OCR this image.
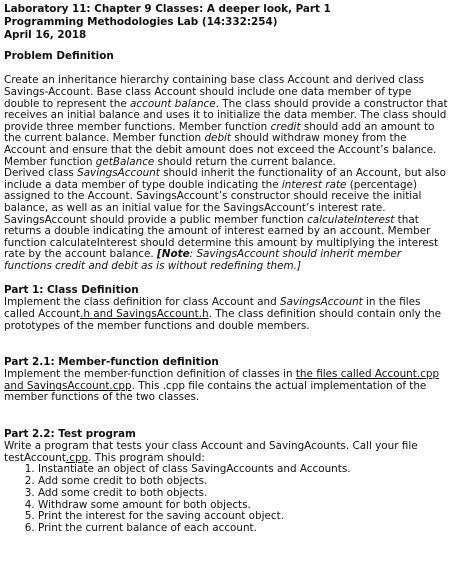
Laboratory 11: Chapter 9 Classes: A deeper look, Part 1
Programming Methodologies Lab (14:332:254)
April 16, 2018
Problem Definition

Create an inheritance hierarchy containing base class Account and derived class Savings-Account. Base class Account should include one data member of type double to represent the account balance. The class should provide a constructor that receives an initial balance and uses it to initialize the data member. The class should provide three member functions. Member function credit should add an amount to the current balance. Member function debit should withdraw money from the Account and ensure that the debit amount does not exceed the Account’s balance. Member function getBalance should return the current balance.

Derived class SavingsAccount should inherit the functionality of an Account, but also include a data member of type double indicating the interest rate (percentage) assigned to the Account. SavingsAccount’s constructor should receive the initial balance, as well as an initial value for the SavingsAccount’s interest rate. SavingsAccount should provide a public member function calculateInterest that returns a double indicating the amount of interest earned by an account. Member function calculateInterest should determine this amount by multiplying the interest rate by the account balance. [Note: SavingsAccount should inherit member functions credit and debit as is without redefining them.]

Part 1: Class Definition

Implement the class definition for class Account and SavingsAccount in the files called Account.h and SavingsAccount.h. The class definition should contain only the prototypes of the member functions and double members.

Part 2.1: Member-function definition

Implement the member-function definition of classes in the files called Account.cpp and SavingsAccount.cpp. This .cpp file contains the actual implementation of the member functions of the two classes.

Part 2.2: Test program

Write a program that tests your class Account and SavingAcounts. Call your file testAccount.cpp. This program should:

1. Instantiate an object of class SavingAccounts and Accounts.
2. Add some credit to both objects.
3. Add some credit to both objects.
4. Withdraw some amount for both objects.
5. Print the interest for the saving account object.
6. Print the current balance of each account.
